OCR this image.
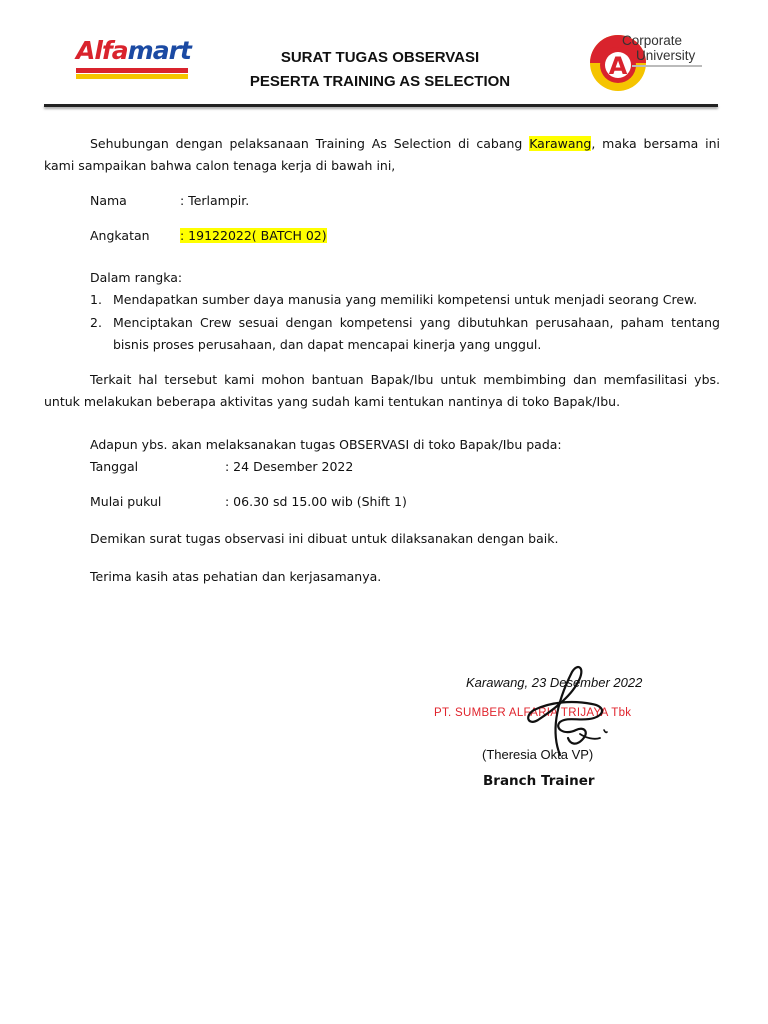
Alfamart	SURAT TUGAS OBSERVASI
PESERTA TRAINING AS SELECTION
A
Corporate
University
Sehubungan dengan pelaksanaan Training As Selection di cabang Karawang, maka bersama ini kami sampaikan bahwa calon tenaga kerja di bawah ini,
Nama	: Terlampir.
Angkatan : 19122022( BATCH 02)
Dalam rangka:
1. Mendapatkan sumber daya manusia yang memiliki kompetensi untuk menjadi seorang Crew.
2. Menciptakan Crew sesuai dengan kompetensi yang dibutuhkan perusahaan, paham tentang bisnis proses perusahaan, dan dapat mencapai kinerja yang unggul.
Terkait hal tersebut kami mohon bantuan Bapak/Ibu untuk membimbing dan memfasilitasi ybs. untuk melakukan beberapa aktivitas yang sudah kami tentukan nantinya di toko Bapak/Ibu.
Adapun ybs. akan melaksanakan tugas OBSERVASI di toko Bapak/Ibu pada:
Tanggal	: 24 Desember 2022
Mulai pukul	: 06.30 sd 15.00 wib (Shift 1)
Demikan surat tugas observasi ini dibuat untuk dilaksanakan dengan baik.
Terima kasih atas pehatian dan kerjasamanya.
Karawang, 23 Desember 2022
PT. SUMBER ALFARIA TRIJAYA Tbk
(Theresia Okta VP)
Branch Trainer
